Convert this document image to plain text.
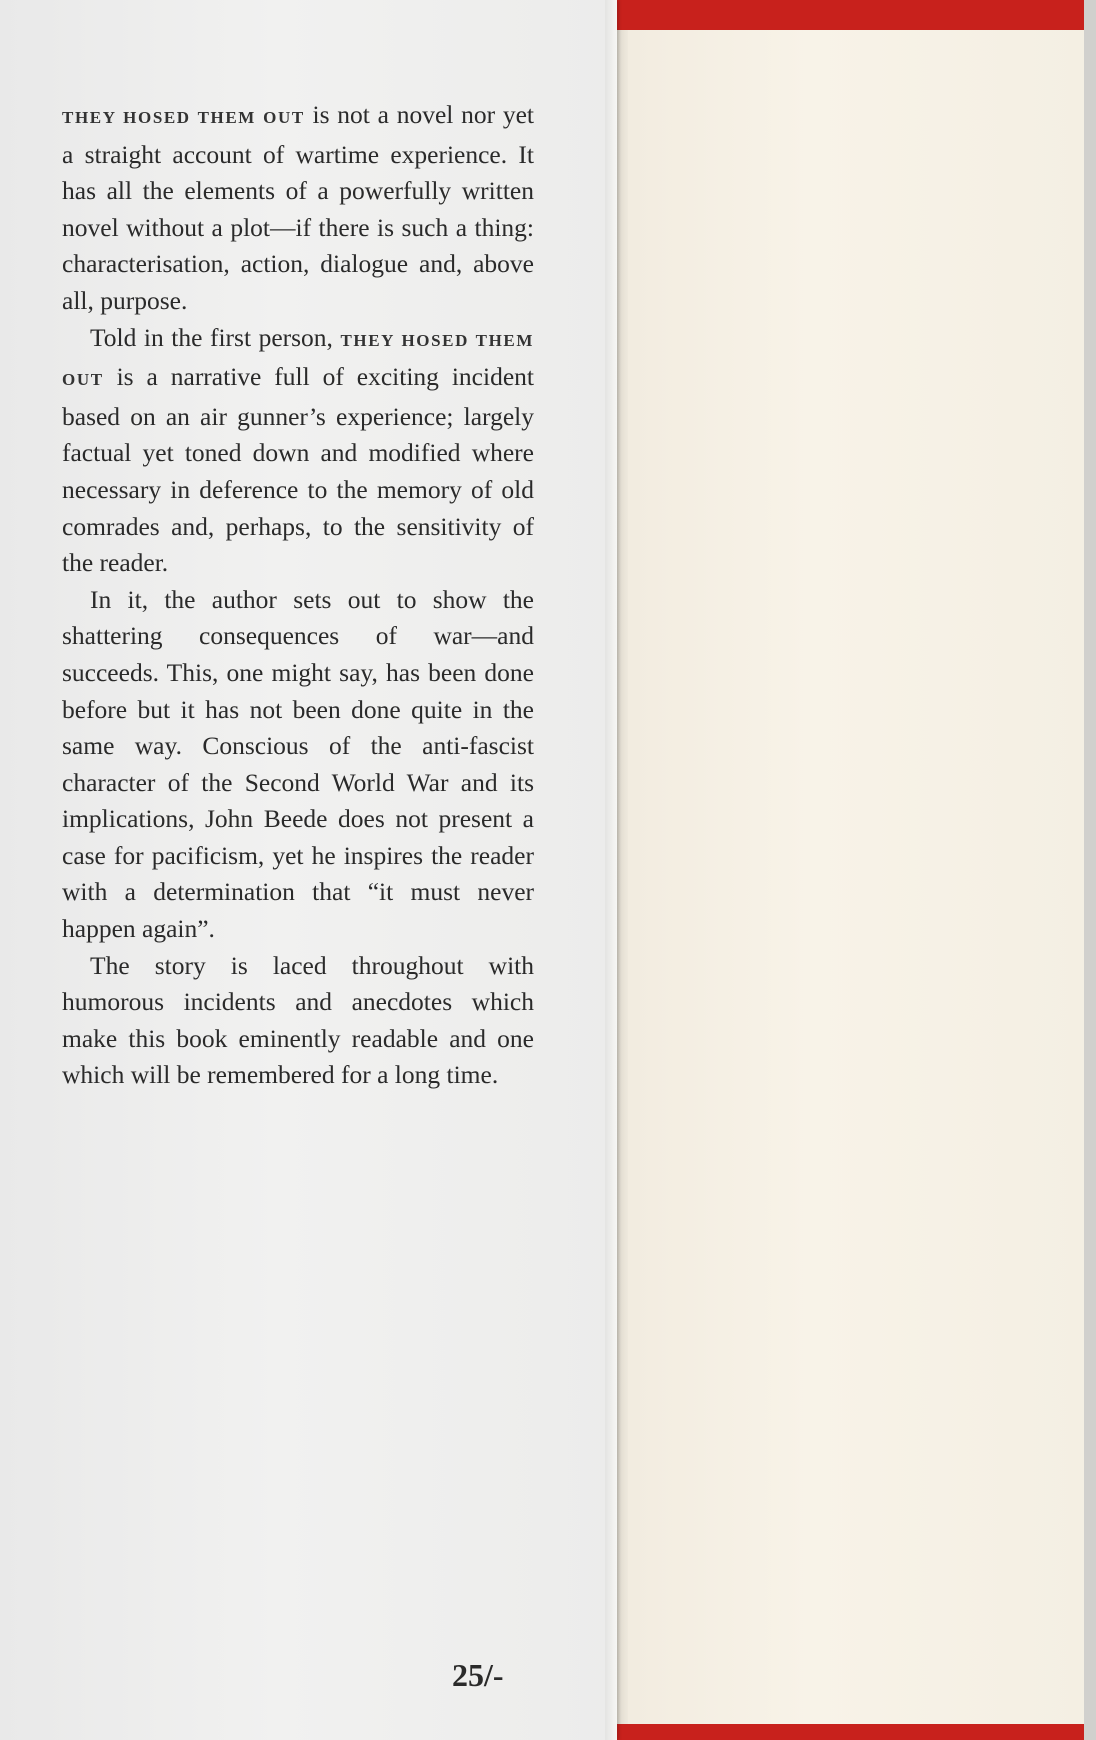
THEY HOSED THEM OUT is not a novel nor yet a straight account of wartime experience. It has all the elements of a powerfully written novel without a plot—if there is such a thing: characterisation, action, dialogue and, above all, purpose.

Told in the first person, THEY HOSED THEM OUT is a narrative full of exciting incident based on an air gunner’s experience; largely factual yet toned down and modified where necessary in deference to the memory of old comrades and, perhaps, to the sensitivity of the reader.

In it, the author sets out to show the shattering consequences of war—and succeeds. This, one might say, has been done before but it has not been done quite in the same way. Conscious of the anti-fascist character of the Second World War and its implications, John Beede does not present a case for pacificism, yet he inspires the reader with a determination that “it must never happen again”.

The story is laced throughout with humorous incidents and anecdotes which make this book eminently readable and one which will be remembered for a long time.

25/-
